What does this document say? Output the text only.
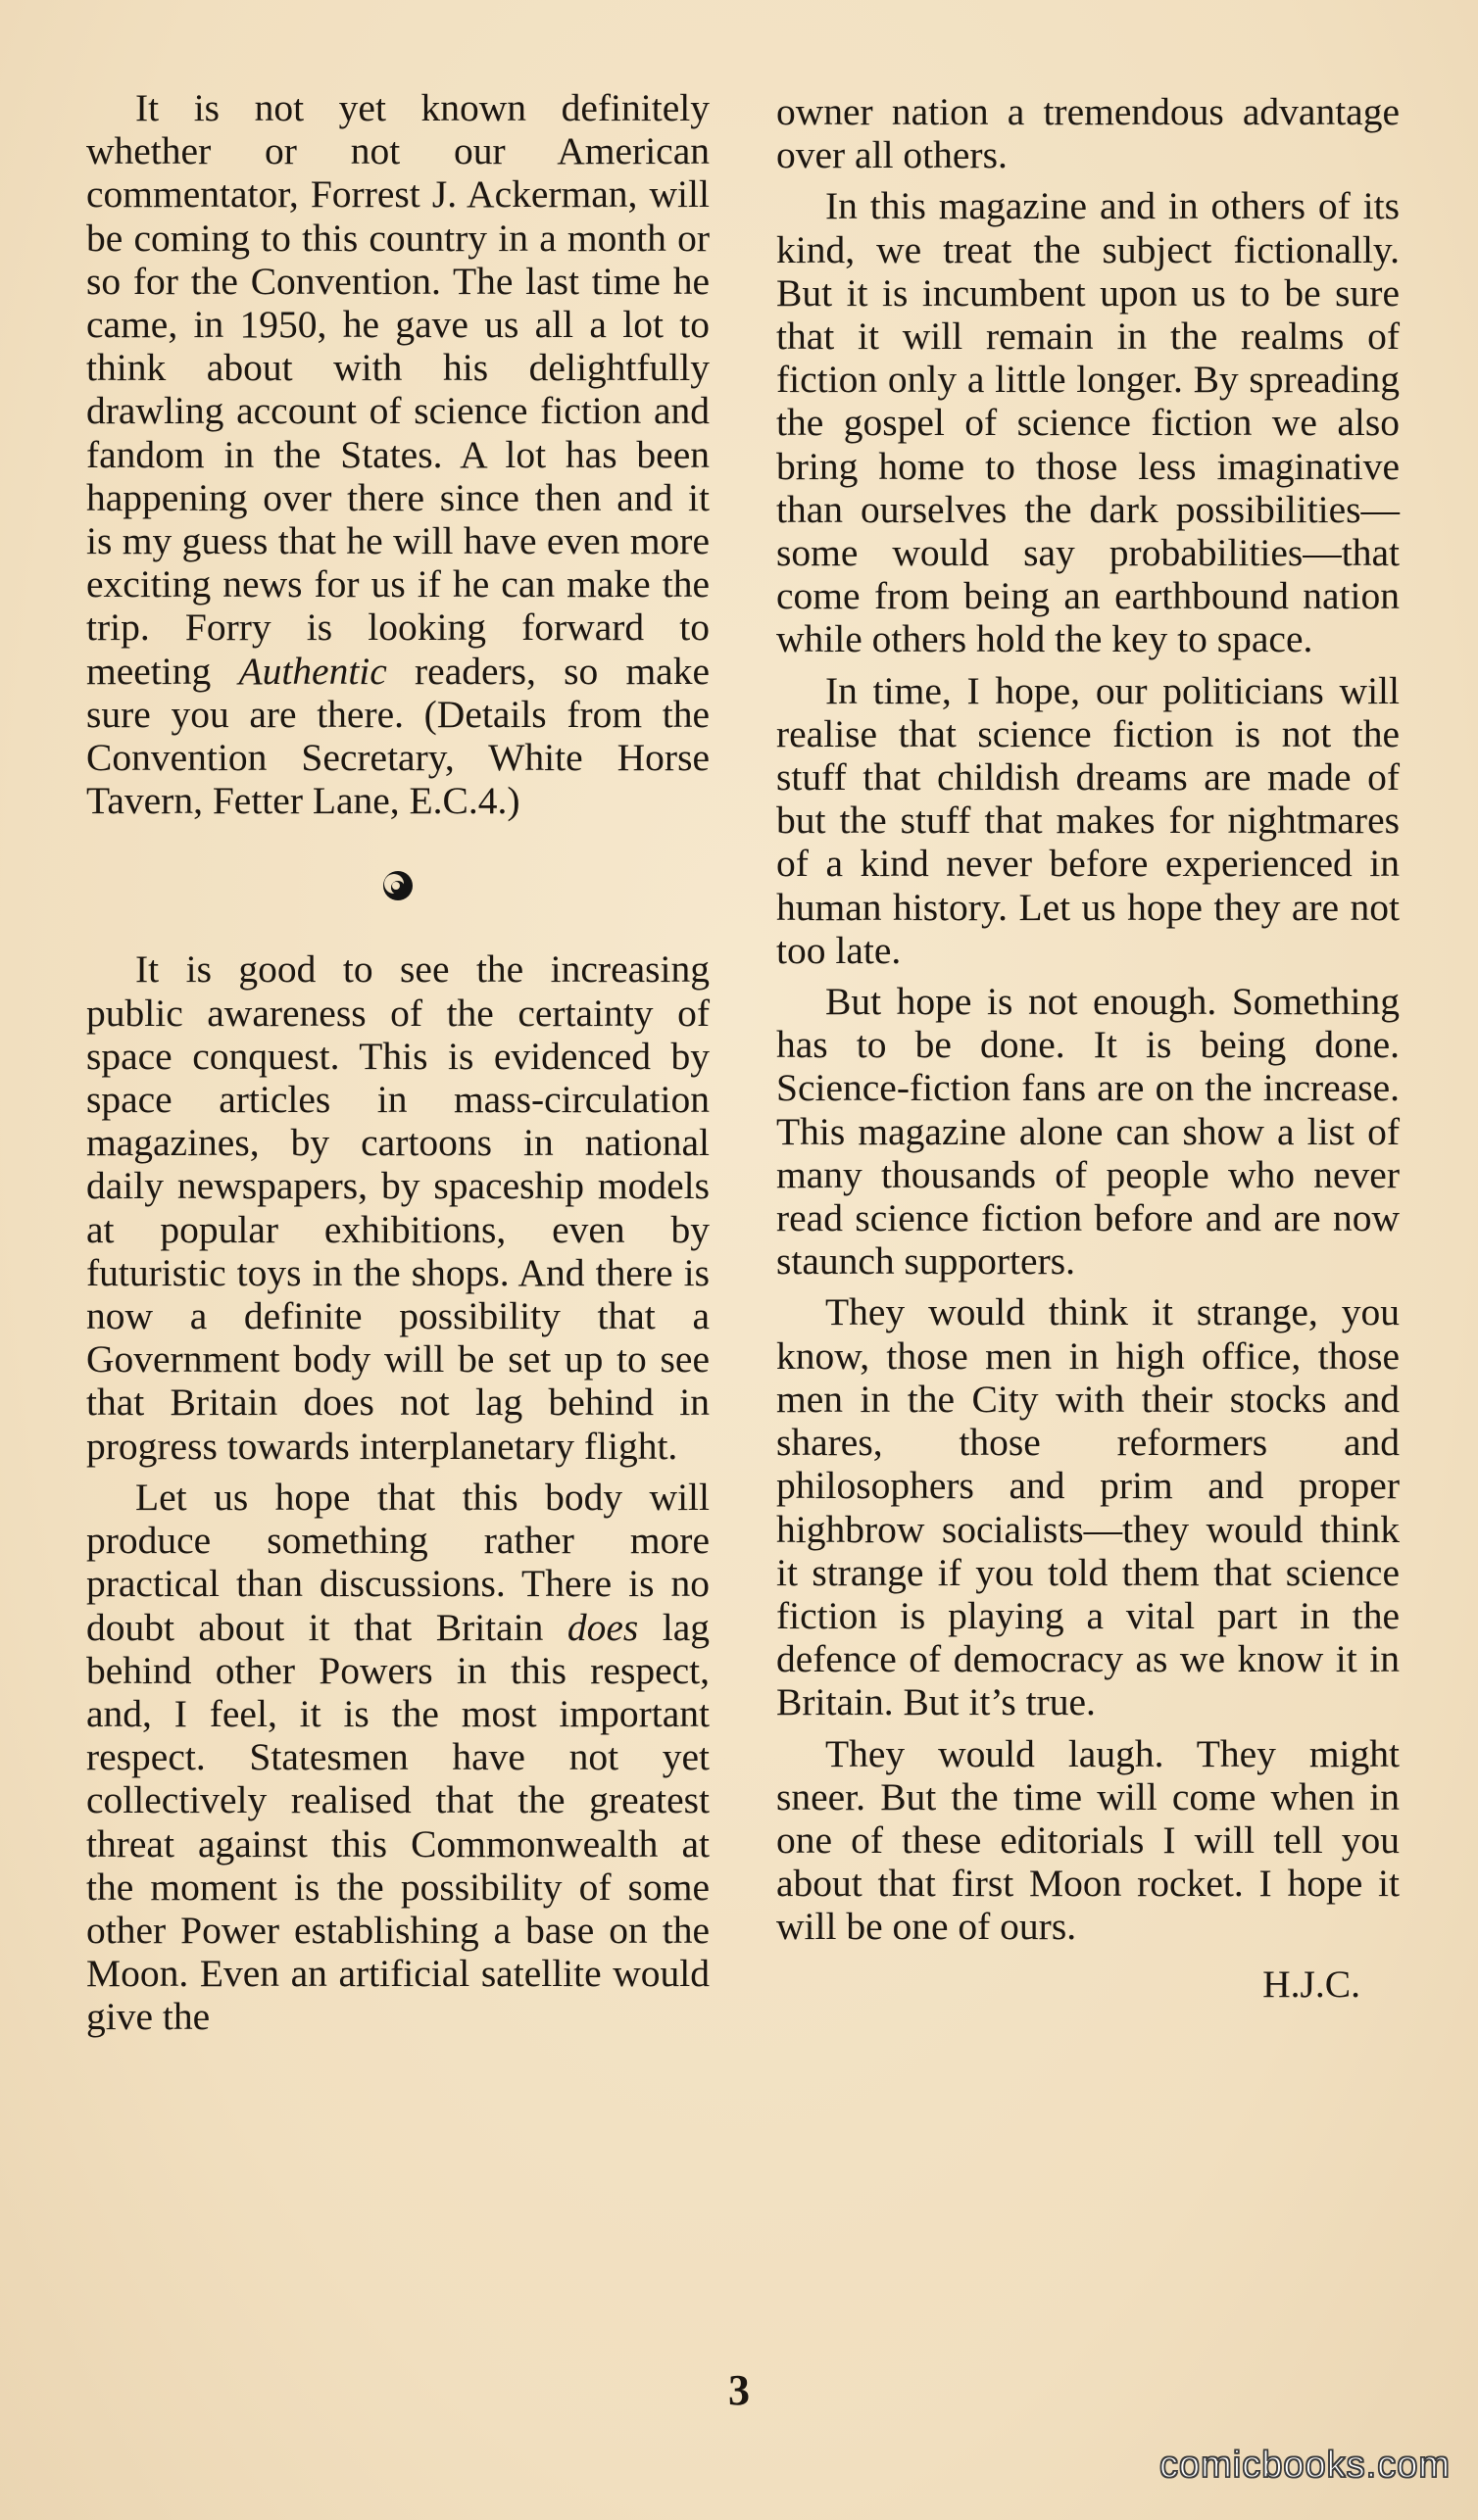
It is not yet known definitely whether or not our American commentator, Forrest J. Ackerman, will be coming to this country in a month or so for the Convention. The last time he came, in 1950, he gave us all a lot to think about with his delightfully drawling account of science fiction and fandom in the States. A lot has been happening over there since then and it is my guess that he will have even more exciting news for us if he can make the trip. Forry is looking forward to meeting Authentic readers, so make sure you are there. (Details from the Convention Secretary, White Horse Tavern, Fetter Lane, E.C.4.)

It is good to see the increasing public awareness of the certainty of space conquest. This is evidenced by space articles in mass-circulation magazines, by cartoons in national daily newspapers, by spaceship models at popular exhibitions, even by futuristic toys in the shops. And there is now a definite possibility that a Government body will be set up to see that Britain does not lag behind in progress towards interplanetary flight.

Let us hope that this body will produce something rather more practical than discussions. There is no doubt about it that Britain does lag behind other Powers in this respect, and, I feel, it is the most important respect. Statesmen have not yet collectively realised that the greatest threat against this Commonwealth at the moment is the possibility of some other Power establishing a base on the Moon. Even an artificial satellite would give the

owner nation a tremendous advantage over all others.

In this magazine and in others of its kind, we treat the subject fictionally. But it is incumbent upon us to be sure that it will remain in the realms of fiction only a little longer. By spreading the gospel of science fiction we also bring home to those less imaginative than ourselves the dark possibilities—some would say probabilities—that come from being an earthbound nation while others hold the key to space.

In time, I hope, our politicians will realise that science fiction is not the stuff that childish dreams are made of but the stuff that makes for nightmares of a kind never before experienced in human history. Let us hope they are not too late.

But hope is not enough. Something has to be done. It is being done. Science-fiction fans are on the increase. This magazine alone can show a list of many thousands of people who never read science fiction before and are now staunch supporters.

They would think it strange, you know, those men in high office, those men in the City with their stocks and shares, those reformers and philosophers and prim and proper highbrow socialists—they would think it strange if you told them that science fiction is playing a vital part in the defence of democracy as we know it in Britain. But it’s true.

They would laugh. They might sneer. But the time will come when in one of these editorials I will tell you about that first Moon rocket. I hope it will be one of ours.

H.J.C.
3
comicbooks.com
